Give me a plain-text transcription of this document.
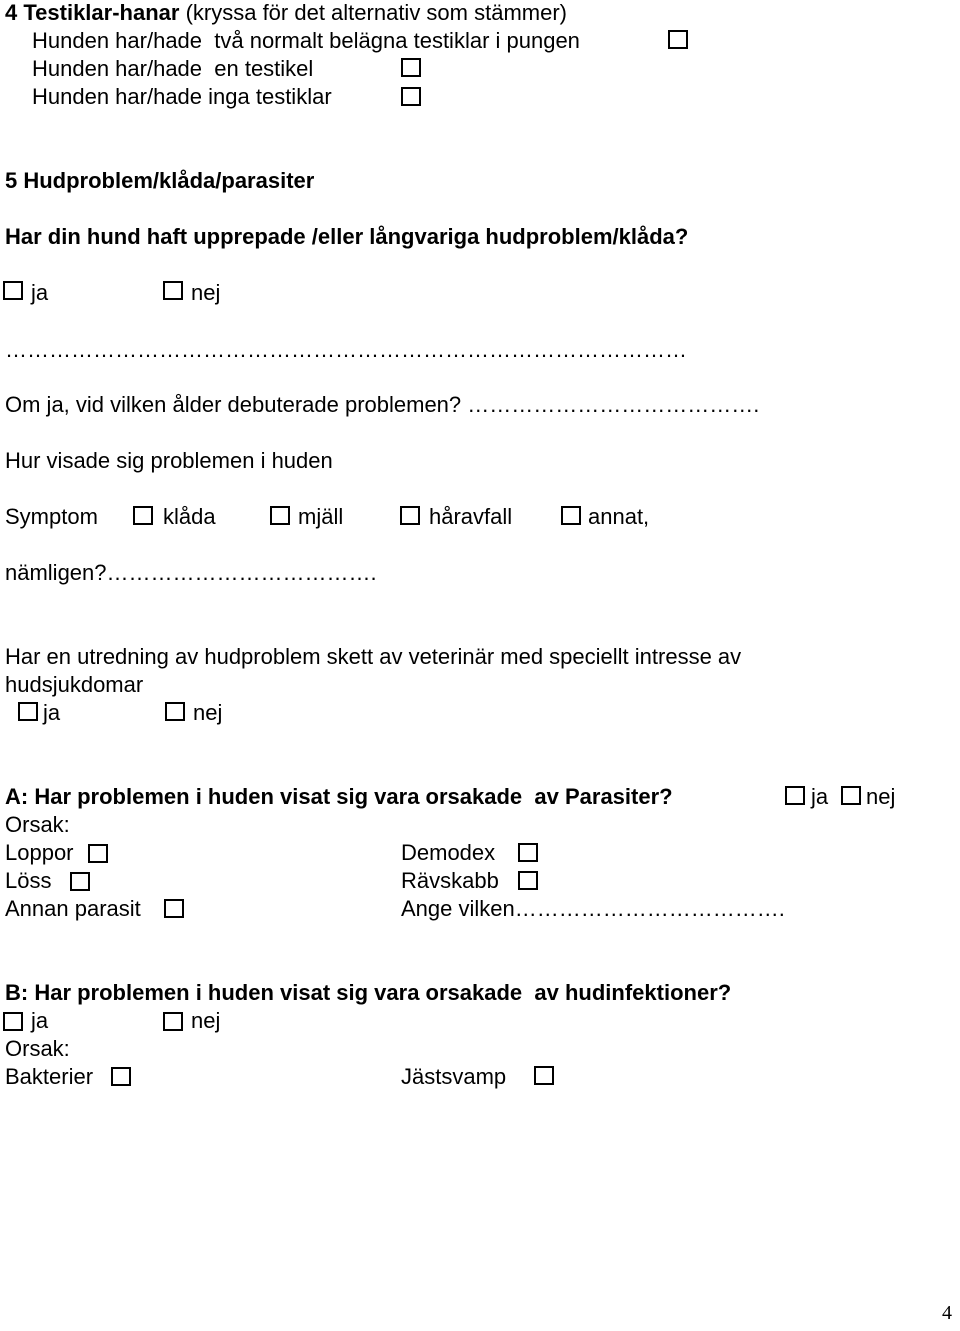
4 Testiklar-hanar (kryssa för det alternativ som stämmer)
Hunden har/hade  två normalt belägna testiklar i pungen
Hunden har/hade  en testikel
Hunden har/hade inga testiklar
5 Hudproblem/klåda/parasiter
Har din hund haft upprepade /eller långvariga hudproblem/klåda?
ja	nej
…………………………………………………………………………………
Om ja, vid vilken ålder debuterade problemen? ………………………………….
Hur visade sig problemen i huden
Symptom	klåda	mjäll	håravfall	annat,
nämligen?……………………………….
Har en utredning av hudproblem skett av veterinär med speciellt intresse av
hudsjukdomar
ja	nej
A: Har problemen i huden visat sig vara orsakade  av Parasiter?	ja nej
Orsak:
Loppor	Demodex
Löss	Rävskabb
Annan parasit	Ange vilken……………………………….
B: Har problemen i huden visat sig vara orsakade  av hudinfektioner?
ja	nej
Orsak:
Bakterier	Jästsvamp
4
